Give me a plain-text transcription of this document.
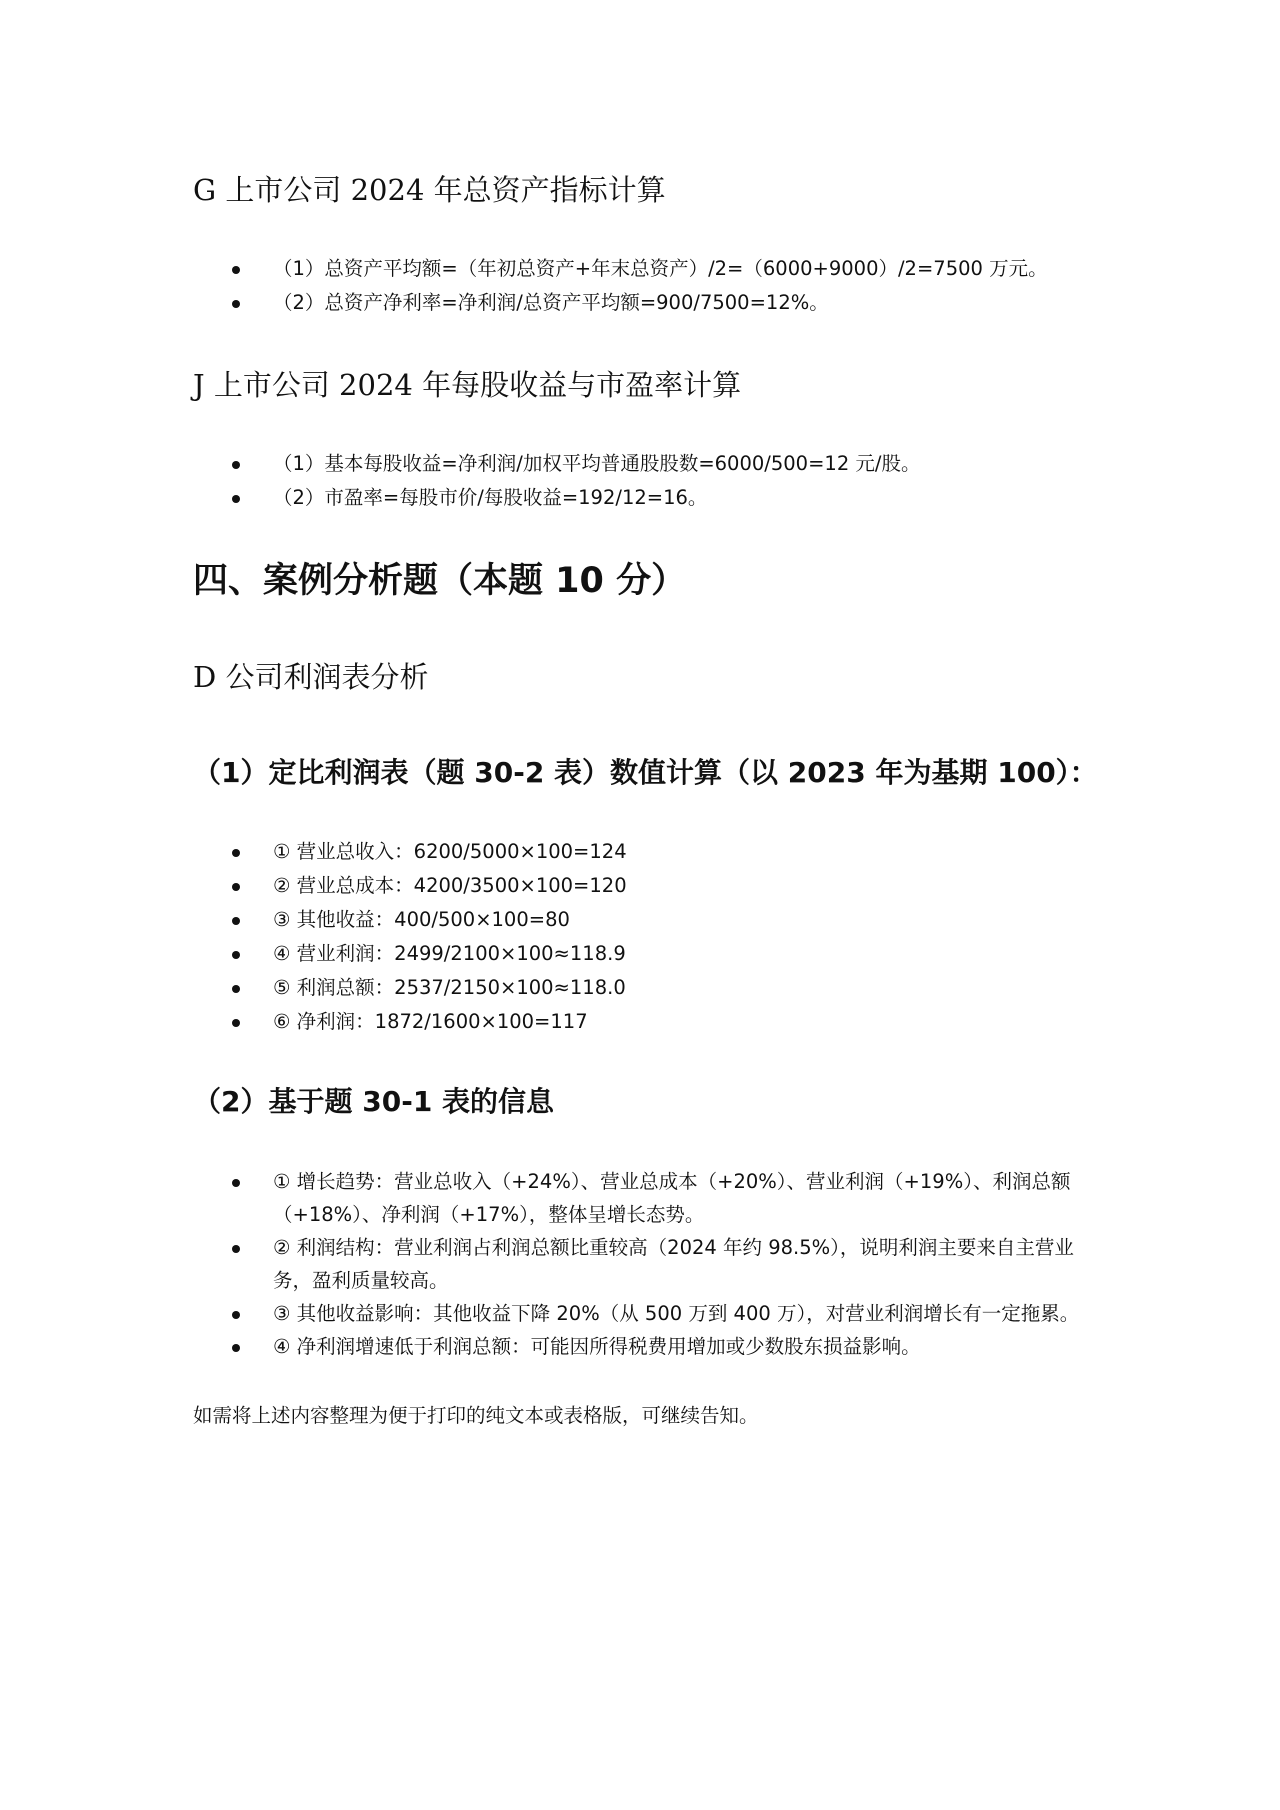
G 上市公司 2024 年总资产指标计算
（1）总资产平均额=（年初总资产+年末总资产）/2=（6000+9000）/2=7500 万元。
（2）总资产净利率=净利润/总资产平均额=900/7500=12%。
J 上市公司 2024 年每股收益与市盈率计算
（1）基本每股收益=净利润/加权平均普通股股数=6000/500=12 元/股。
（2）市盈率=每股市价/每股收益=192/12=16。
四、案例分析题（本题 10 分）
D 公司利润表分析
（1）定比利润表（题 30-2 表）数值计算（以 2023 年为基期 100）：
① 营业总收入：6200/5000×100=124
② 营业总成本：4200/3500×100=120
③ 其他收益：400/500×100=80
④ 营业利润：2499/2100×100≈118.9
⑤ 利润总额：2537/2150×100≈118.0
⑥ 净利润：1872/1600×100=117
（2）基于题 30-1 表的信息
① 增长趋势：营业总收入（+24%）、营业总成本（+20%）、营业利润（+19%）、利润总额（+18%）、净利润（+17%），整体呈增长态势。
② 利润结构：营业利润占利润总额比重较高（2024 年约 98.5%），说明利润主要来自主营业务，盈利质量较高。
③ 其他收益影响：其他收益下降 20%（从 500 万到 400 万），对营业利润增长有一定拖累。
④ 净利润增速低于利润总额：可能因所得税费用增加或少数股东损益影响。

如需将上述内容整理为便于打印的纯文本或表格版，可继续告知。
